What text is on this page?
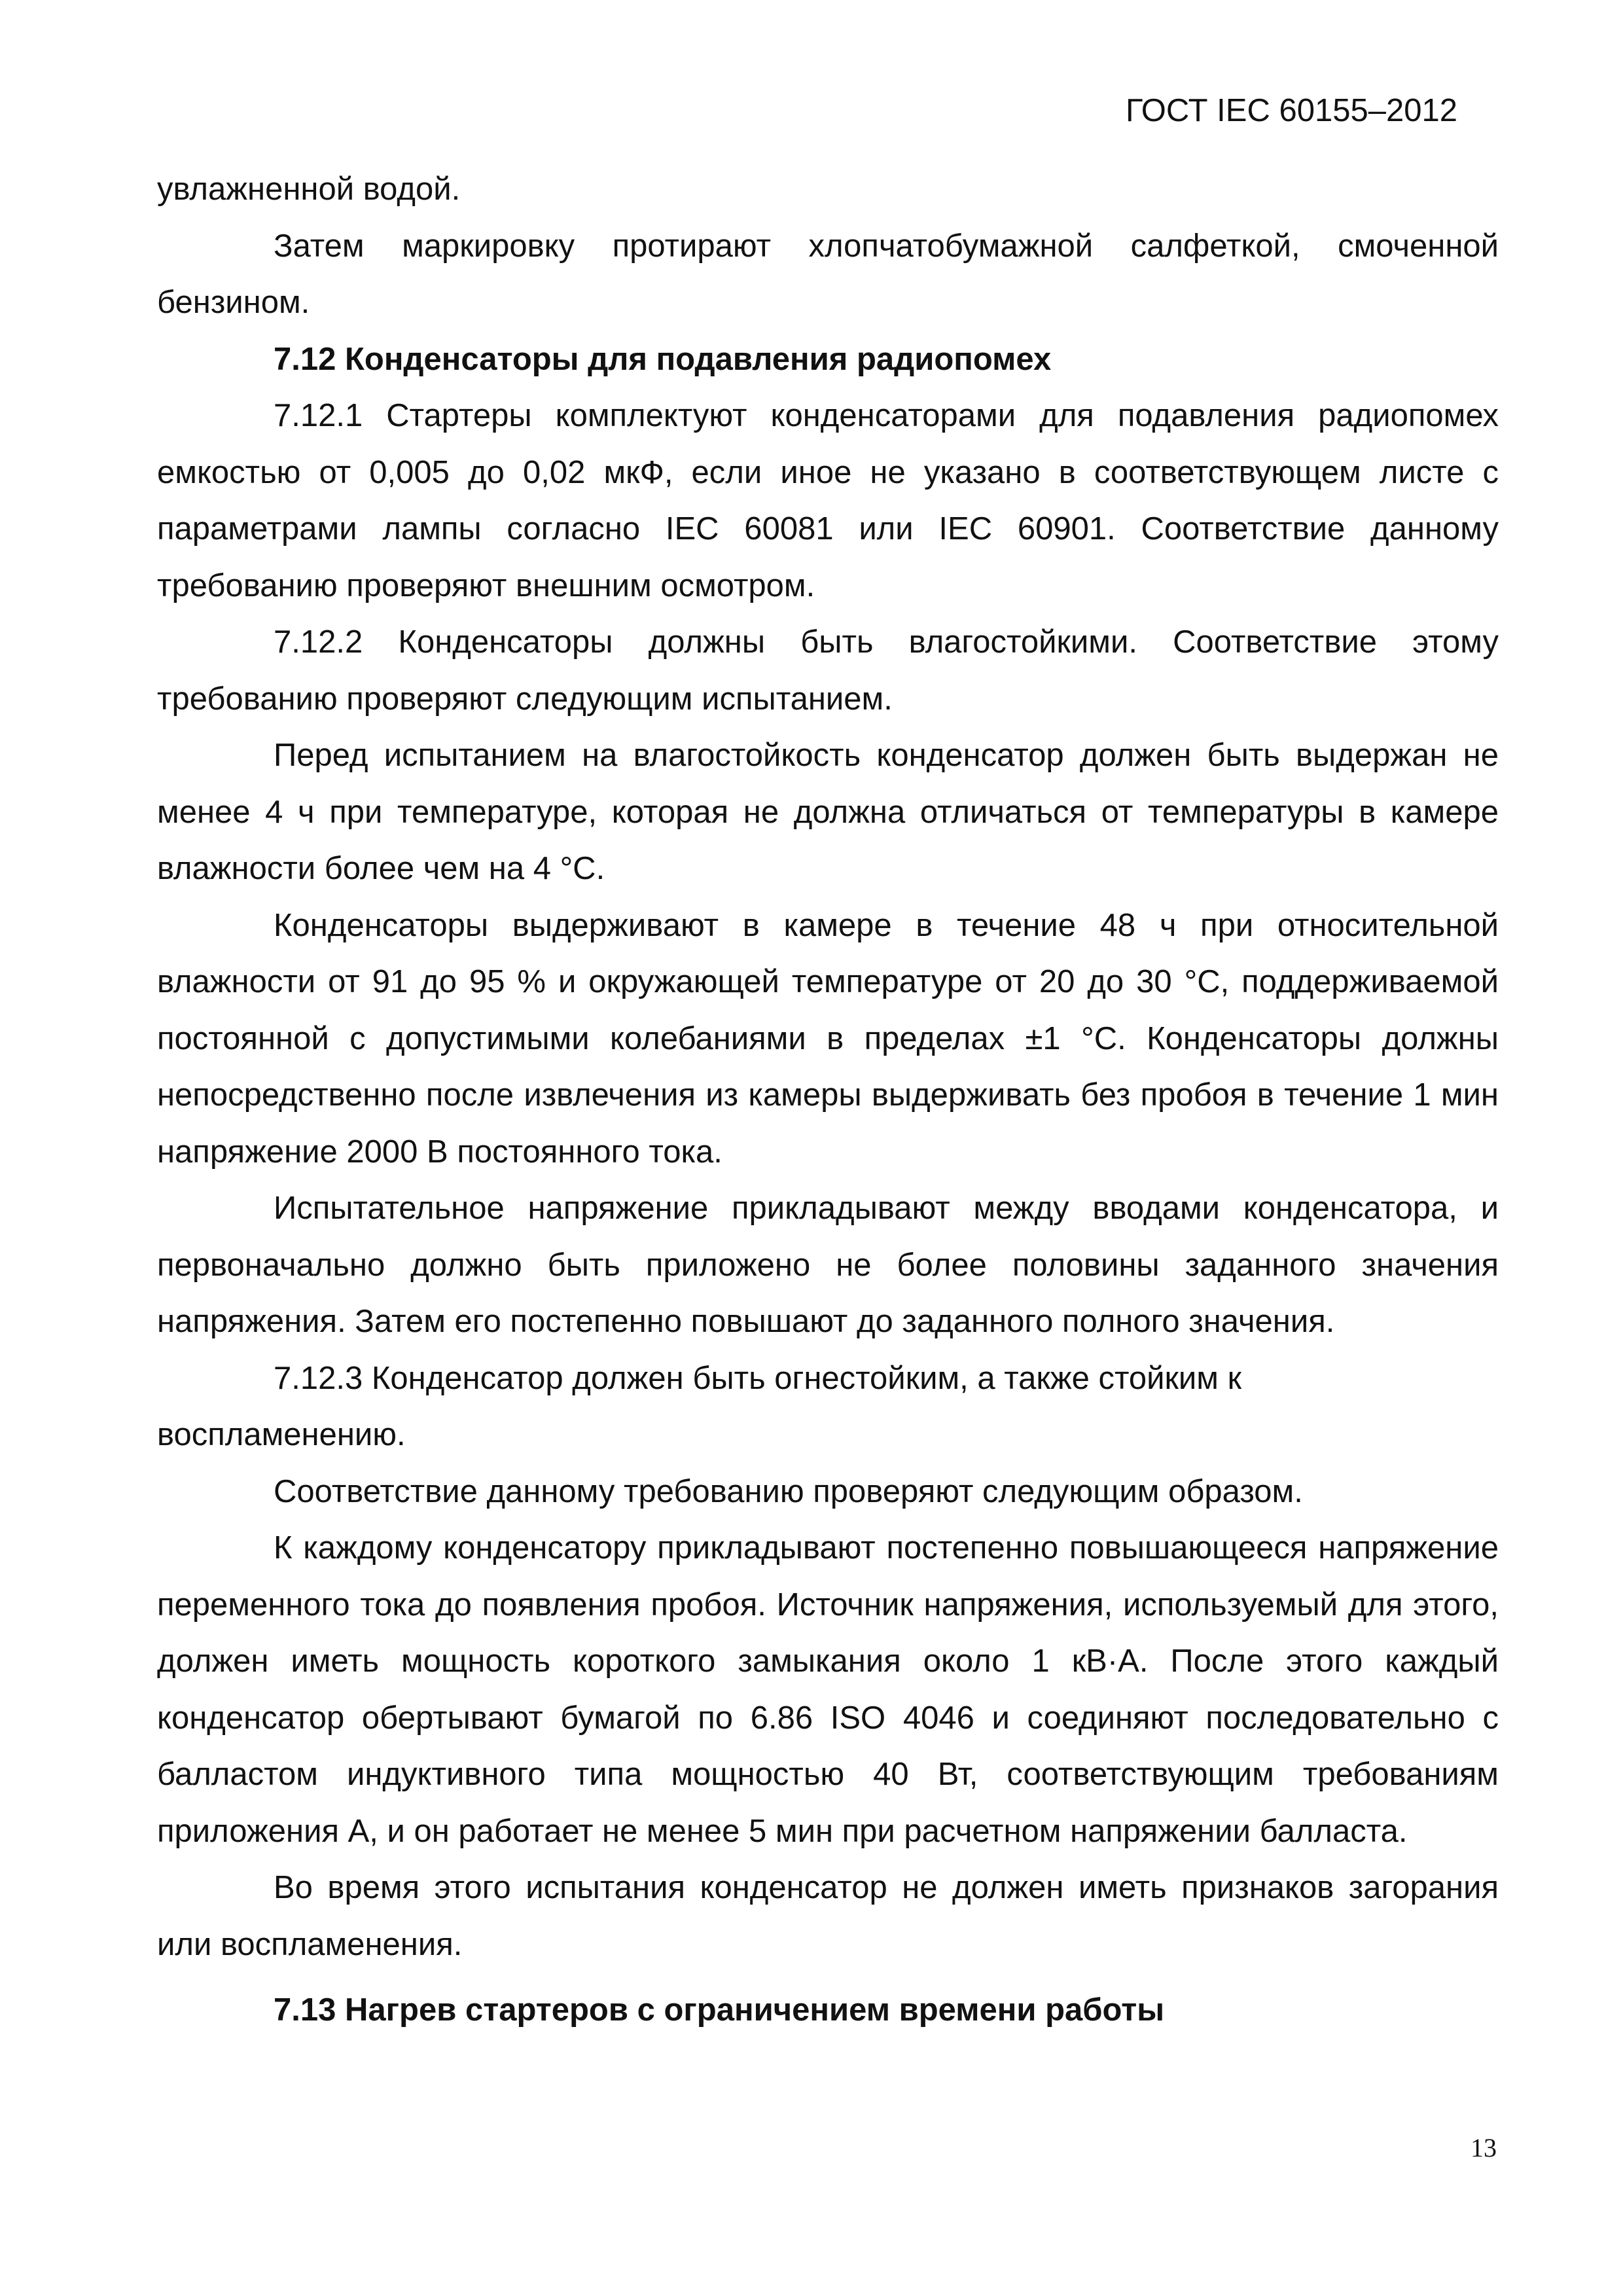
ГОСТ IEC 60155–2012

увлажненной водой.

Затем маркировку протирают хлопчатобумажной салфеткой, смоченной бензином.

7.12 Конденсаторы для подавления радиопомех

7.12.1 Стартеры комплектуют конденсаторами для подавления радиопомех емкостью от 0,005 до 0,02 мкФ, если иное не указано в соответствующем листе с параметрами лампы согласно IEC 60081 или IEC 60901. Соответствие данному требованию проверяют внешним осмотром.

7.12.2 Конденсаторы должны быть влагостойкими. Соответствие этому требованию проверяют следующим испытанием.

Перед испытанием на влагостойкость конденсатор должен быть выдержан не менее 4 ч при температуре, которая не должна отличаться от температуры в камере влажности более чем на 4 °С.

Конденсаторы выдерживают в камере в течение 48 ч при относительной влажности от 91 до 95 % и окружающей температуре от 20 до 30 °С, поддерживаемой постоянной с допустимыми колебаниями в пределах ±1 °С. Конденсаторы должны непосредственно после извлечения из камеры выдерживать без пробоя в течение 1 мин напряжение 2000 В постоянного тока.

Испытательное напряжение прикладывают между вводами конденсатора, и первоначально должно быть приложено не более половины заданного значения напряжения. Затем его постепенно повышают до заданного полного значения.

7.12.3 Конденсатор должен быть огнестойким, а также стойким к воспламенению.

Соответствие данному требованию проверяют следующим образом.

К каждому конденсатору прикладывают постепенно повышающееся напряжение переменного тока до появления пробоя. Источник напряжения, используемый для этого, должен иметь мощность короткого замыкания около 1 кВ·А. После этого каждый конденсатор обертывают бумагой по 6.86 ISO 4046 и соединяют последовательно с балластом индуктивного типа мощностью 40 Вт, соответствующим требованиям приложения А, и он работает не менее 5 мин при расчетном напряжении балласта.

Во время этого испытания конденсатор не должен иметь признаков загорания или воспламенения.

7.13 Нагрев стартеров с ограничением времени работы

13
